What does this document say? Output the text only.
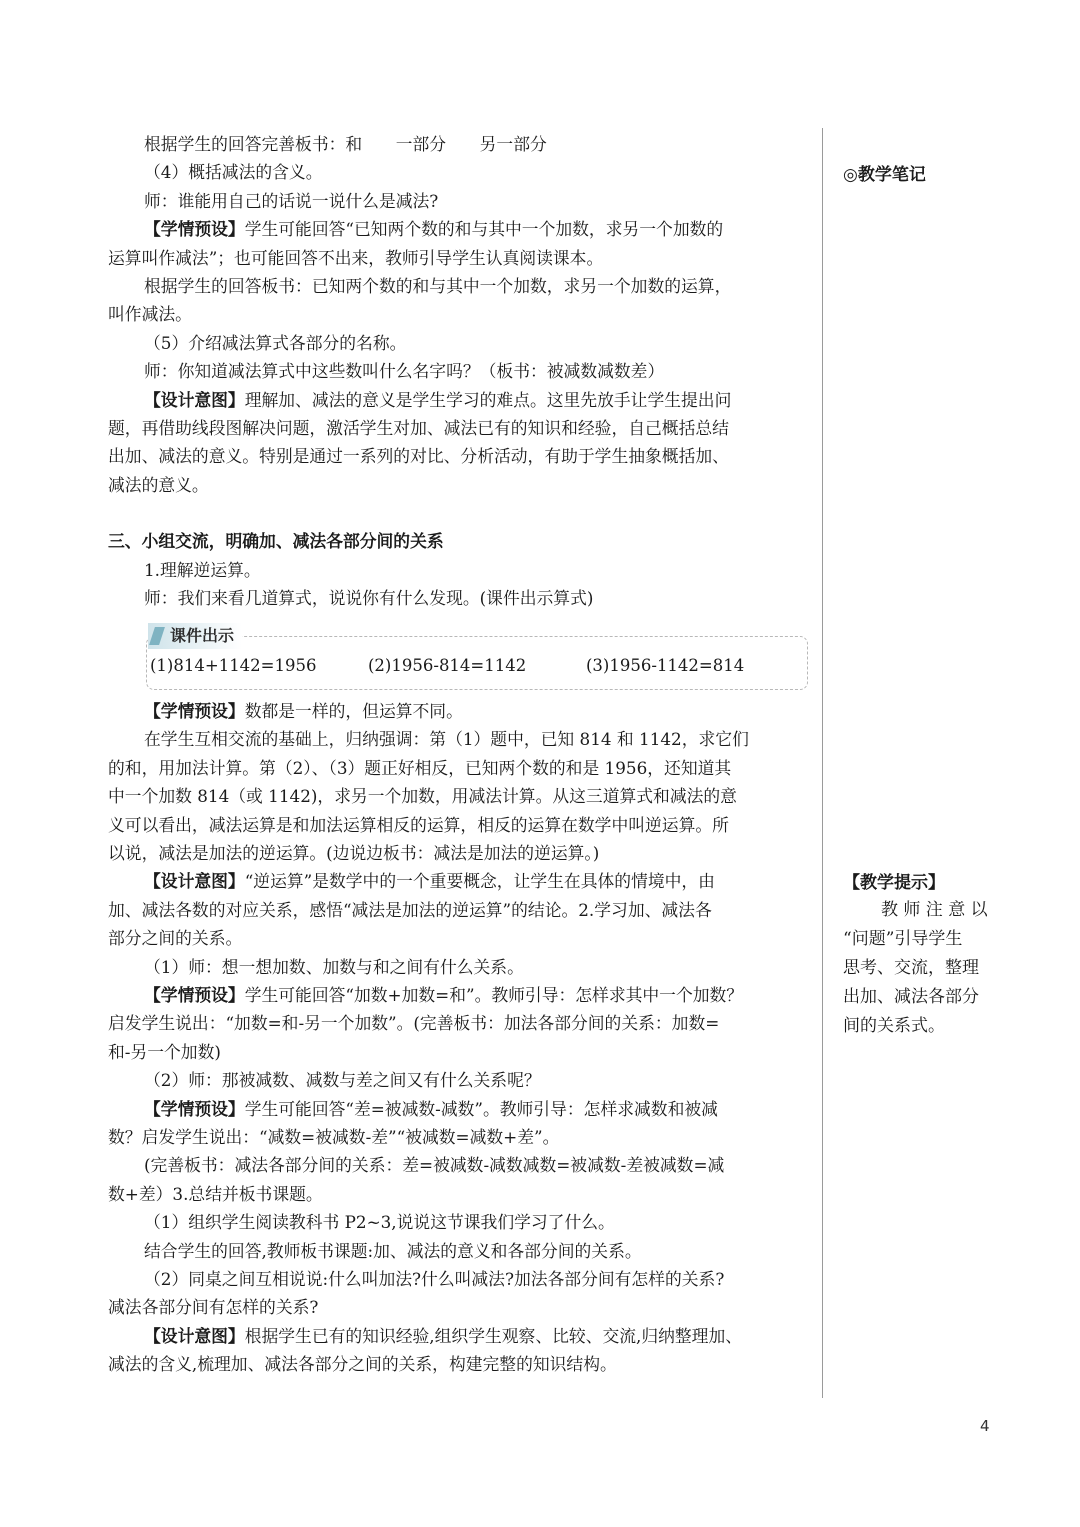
根据学生的回答完善板书：和　　一部分　　另一部分
（4）概括减法的含义。
师：谁能用自己的话说一说什么是减法?
【学情预设】学生可能回答“已知两个数的和与其中一个加数，求另一个加数的
运算叫作减法”；也可能回答不出来，教师引导学生认真阅读课本。
根据学生的回答板书：已知两个数的和与其中一个加数，求另一个加数的运算，
叫作减法。
（5）介绍减法算式各部分的名称。
师：你知道减法算式中这些数叫什么名字吗？（板书：被减数减数差）
【设计意图】理解加、减法的意义是学生学习的难点。这里先放手让学生提出问
题，再借助线段图解决问题，激活学生对加、减法已有的知识和经验，自己概括总结
出加、减法的意义。特别是通过一系列的对比、分析活动，有助于学生抽象概括加、
减法的意义。
三、小组交流，明确加、减法各部分间的关系
1.理解逆运算。
师：我们来看几道算式，说说你有什么发现。(课件出示算式)
【学情预设】数都是一样的，但运算不同。
在学生互相交流的基础上，归纳强调：第（1）题中，已知 814 和 1142，求它们
的和，用加法计算。第（2）、（3）题正好相反，已知两个数的和是 1956，还知道其
中一个加数 814（或 1142)，求另一个加数，用减法计算。从这三道算式和减法的意
义可以看出，减法运算是和加法运算相反的运算，相反的运算在数学中叫逆运算。所
以说，减法是加法的逆运算。(边说边板书：减法是加法的逆运算。)
【设计意图】“逆运算”是数学中的一个重要概念，让学生在具体的情境中，由
加、减法各数的对应关系，感悟“减法是加法的逆运算”的结论。2.学习加、减法各
部分之间的关系。
（1）师：想一想加数、加数与和之间有什么关系。
【学情预设】学生可能回答“加数+加数=和”。教师引导：怎样求其中一个加数？
启发学生说出：“加数=和-另一个加数”。(完善板书：加法各部分间的关系：加数=
和-另一个加数)
（2）师：那被减数、减数与差之间又有什么关系呢？
【学情预设】学生可能回答“差=被减数-减数”。教师引导：怎样求减数和被减
数？启发学生说出：“减数=被减数-差”“被减数=减数+差”。
(完善板书：减法各部分间的关系：差=被减数-减数减数=被减数-差被减数=减
数+差）3.总结并板书课题。
（1）组织学生阅读教科书 P2~3,说说这节课我们学习了什么。
结合学生的回答,教师板书课题:加、减法的意义和各部分间的关系。
（2）同桌之间互相说说:什么叫加法?什么叫减法?加法各部分间有怎样的关系?
减法各部分间有怎样的关系?
【设计意图】根据学生已有的知识经验,组织学生观察、比较、交流,归纳整理加、
减法的含义,梳理加、减法各部分之间的关系，构建完整的知识结构。
课件出示
(1)814+1142=1956	(2)1956-814=1142	(3)1956-1142=814
◎教学笔记
【教学提示】
教 师 注 意 以
“问题”引导学生
思考、交流，整理
出加、减法各部分
间的关系式。
4
